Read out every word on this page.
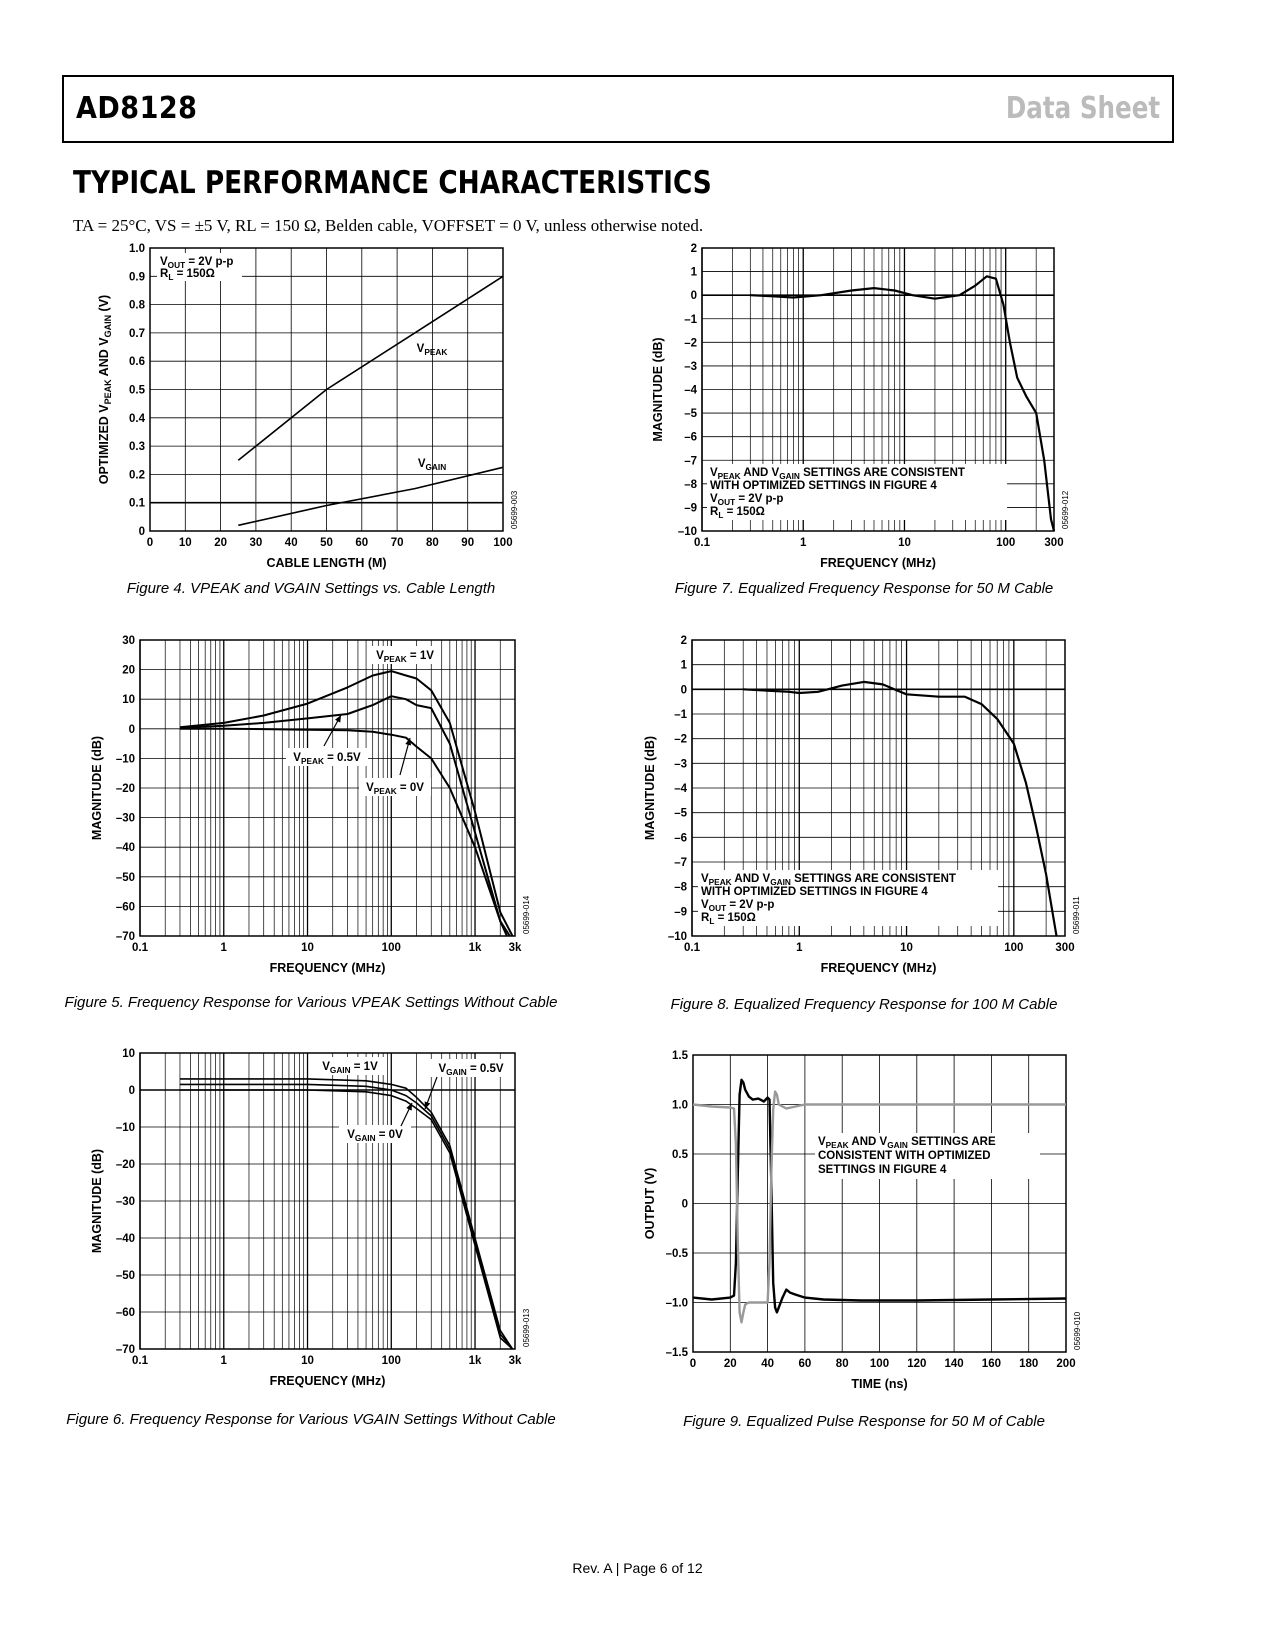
AD8128	Data Sheet
TYPICAL PERFORMANCE CHARACTERISTICS
TA = 25°C, VS = ±5 V, RL = 150 Ω, Belden cable, VOFFSET = 0 V, unless otherwise noted.
0 10 20 30 40 50 60 70 80 90 100
0
0.1
0.2
0.3
0.4
0.5
0.6
0.7
0.8
0.9
1.0
CABLE LENGTH (M)
OPTIMIZED $V_{PEAK}$ AND $V_{GAIN}$ (V)
05699-003
$V_{OUT} = 2V$ p-p
$R_L = 150\Omega$
$V_{PEAK}$
$V_{GAIN}$
Figure 4. VPEAK and VGAIN Settings vs. Cable Length
0.1	1	10	100	300
2
1
0
–1
–2
–3
–4
–5
–6
–7
–8
–9
–10
FREQUENCY (MHz)
MAGNITUDE (dB)
05699-012
$V_{PEAK}$ AND $V_{GAIN}$ SETTINGS ARE CONSISTENT
WITH OPTIMIZED SETTINGS IN FIGURE 4
$V_{OUT} = 2V$ p-p
$R_L = 150\Omega$
Figure 7. Equalized Frequency Response for 50 M Cable
0.1	1	10	100	1k 3k
30
20
10
0
–10
–20
–30
–40
–50
–60
–70
FREQUENCY (MHz)
MAGNITUDE (dB)
05699-014
$V_{PEAK} = 1V$
$V_{PEAK} = 0.5V$
$V_{PEAK} = 0V$
Figure 5. Frequency Response for Various VPEAK Settings Without Cable
0.1	1	10	100	300
2
1
0
–1
–2
–3
–4
–5
–6
–7
–8
–9
–10
FREQUENCY (MHz)
MAGNITUDE (dB)
05699-011
$V_{PEAK}$ AND $V_{GAIN}$ SETTINGS ARE CONSISTENT
WITH OPTIMIZED SETTINGS IN FIGURE 4
$V_{OUT} = 2V$ p-p
$R_L = 150\Omega$
Figure 8. Equalized Frequency Response for 100 M Cable
0.1	1	10	100	1k 3k
10
0
–10
–20
–30
–40
–50
–60
–70
FREQUENCY (MHz)
MAGNITUDE (dB)
05699-013
$V_{GAIN} = 1V$	$V_{GAIN} = 0.5V$
$V_{GAIN} = 0V$
Figure 6. Frequency Response for Various VGAIN Settings Without Cable
0 20 40 60 80 100 120 140 160 180 200
1.5
1.0
0.5
0
–0.5
–1.0
–1.5
TIME (ns)
OUTPUT (V)
05699-010
$V_{PEAK}$ AND $V_{GAIN}$ SETTINGS ARE
CONSISTENT WITH OPTIMIZED
SETTINGS IN FIGURE 4
Figure 9. Equalized Pulse Response for 50 M of Cable
Rev. A | Page 6 of 12
